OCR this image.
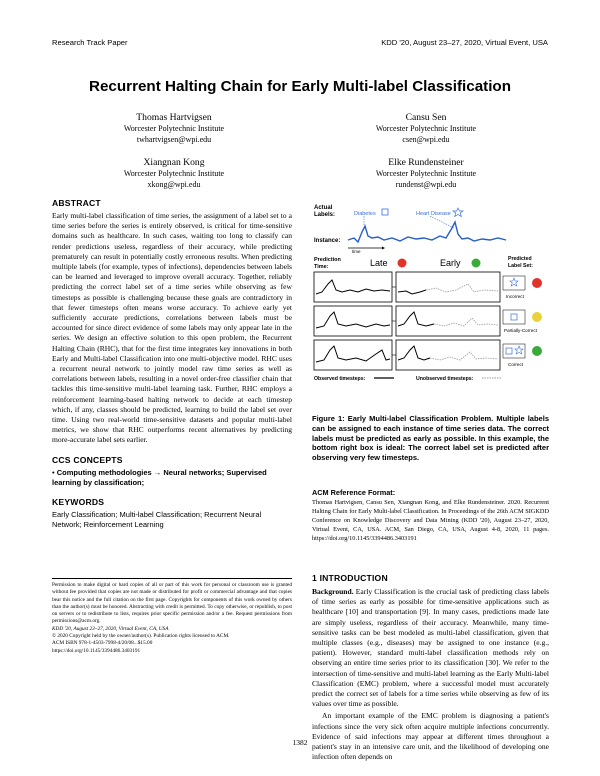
Research Track Paper	KDD '20, August 23–27, 2020, Virtual Event, USA
Recurrent Halting Chain for Early Multi-label Classification
Thomas Hartvigsen
Worcester Polytechnic Institute
twhartvigsen@wpi.edu
Cansu Sen
Worcester Polytechnic Institute
csen@wpi.edu
Xiangnan Kong
Worcester Polytechnic Institute
xkong@wpi.edu
Elke Rundensteiner
Worcester Polytechnic Institute
rundenst@wpi.edu
ABSTRACT

Early multi-label classification of time series, the assignment of a label set to a time series before the series is entirely observed, is critical for time-sensitive domains such as healthcare. In such cases, waiting too long to classify can render predictions useless, regardless of their accuracy, while predicting prematurely can result in potentially costly erroneous results. When predicting multiple labels (for example, types of infections), dependencies between labels can be learned and leveraged to improve overall accuracy. Together, reliably predicting the correct label set of a time series while observing as few timesteps as possible is challenging because these goals are contradictory in that fewer timesteps often means worse accuracy. To achieve early yet sufficiently accurate predictions, correlations between labels must be accounted for since direct evidence of some labels may only appear late in the series. We design an effective solution to this open problem, the Recurrent Halting Chain (RHC), that for the first time integrates key innovations in both Early and Multi-label Classification into one multi-objective model. RHC uses a recurrent neural network to jointly model raw time series as well as correlations between labels, resulting in a novel order-free classifier chain that tackles this time-sensitive multi-label learning task. Further, RHC employs a reinforcement learning-based halting network to decide at each timestep which, if any, classes should be predicted, learning to build the label set over time. Using two real-world time-sensitive datasets and popular multi-label metrics, we show that RHC outperforms recent alternatives by predicting more-accurate label sets earlier.

CCS CONCEPTS
• Computing methodologies → Neural networks; Supervised learning by classification;
KEYWORDS
Early Classification; Multi-label Classification; Recurrent Neural Network; Reinforcement Learning
Permission to make digital or hard copies of all or part of this work for personal or classroom use is granted without fee provided that copies are not made or distributed for profit or commercial advantage and that copies bear this notice and the full citation on the first page. Copyrights for components of this work owned by others than the author(s) must be honored. Abstracting with credit is permitted. To copy otherwise, or republish, to post on servers or to redistribute to lists, requires prior specific permission and/or a fee. Request permissions from permissions@acm.org.
KDD '20, August 23–27, 2020, Virtual Event, CA, USA
© 2020 Copyright held by the owner/author(s). Publication rights licensed to ACM.
ACM ISBN 978-1-4503-7998-4/20/08...$15.00
https://doi.org/10.1145/3394486.3403191
Actual
Labels:	Diabetes	Heart Disease
Instance:
time
Prediction
Time:	Late	Early	Predicted
Label Set:
Incorrect
Partially-Correct
Correct
Observed timesteps:	Unobserved timesteps:
Figure 1: Early Multi-label Classification Problem. Multiple labels can be assigned to each instance of time series data. The correct labels must be predicted as early as possible. In this example, the bottom right box is ideal: The correct label set is predicted after observing very few timesteps.
ACM Reference Format:

Thomas Hartvigsen, Cansu Sen, Xiangnan Kong, and Elke Rundensteiner. 2020. Recurrent Halting Chain for Early Multi-label Classification. In Proceedings of the 26th ACM SIGKDD Conference on Knowledge Discovery and Data Mining (KDD '20), August 23–27, 2020, Virtual Event, CA, USA. ACM, San Diego, CA, USA, August 4-8, 2020, 11 pages. https://doi.org/10.1145/3394486.3403191

1 INTRODUCTION

Background. Early Classification is the crucial task of predicting class labels of time series as early as possible for time-sensitive applications such as healthcare [10] and transportation [9]. In many cases, predictions made late are simply useless, regardless of their accuracy. Meanwhile, many time-sensitive tasks can be best modeled as multi-label classification, given that multiple classes (e.g., diseases) may be assigned to one instance (e.g., patient). However, standard multi-label classification methods rely on observing an entire time series prior to its classification [30]. We refer to the intersection of time-sensitive and multi-label learning as the Early Multi-label Classification (EMC) problem, where a successful model must accurately predict the correct set of labels for a time series while observing as few of its values over time as possible.

An important example of the EMC problem is diagnosing a patient's infections since the very sick often acquire multiple infections concurrently. Evidence of said infections may appear at different times throughout a patient's stay in an intensive care unit, and the likelihood of developing one infection often depends on

1382
